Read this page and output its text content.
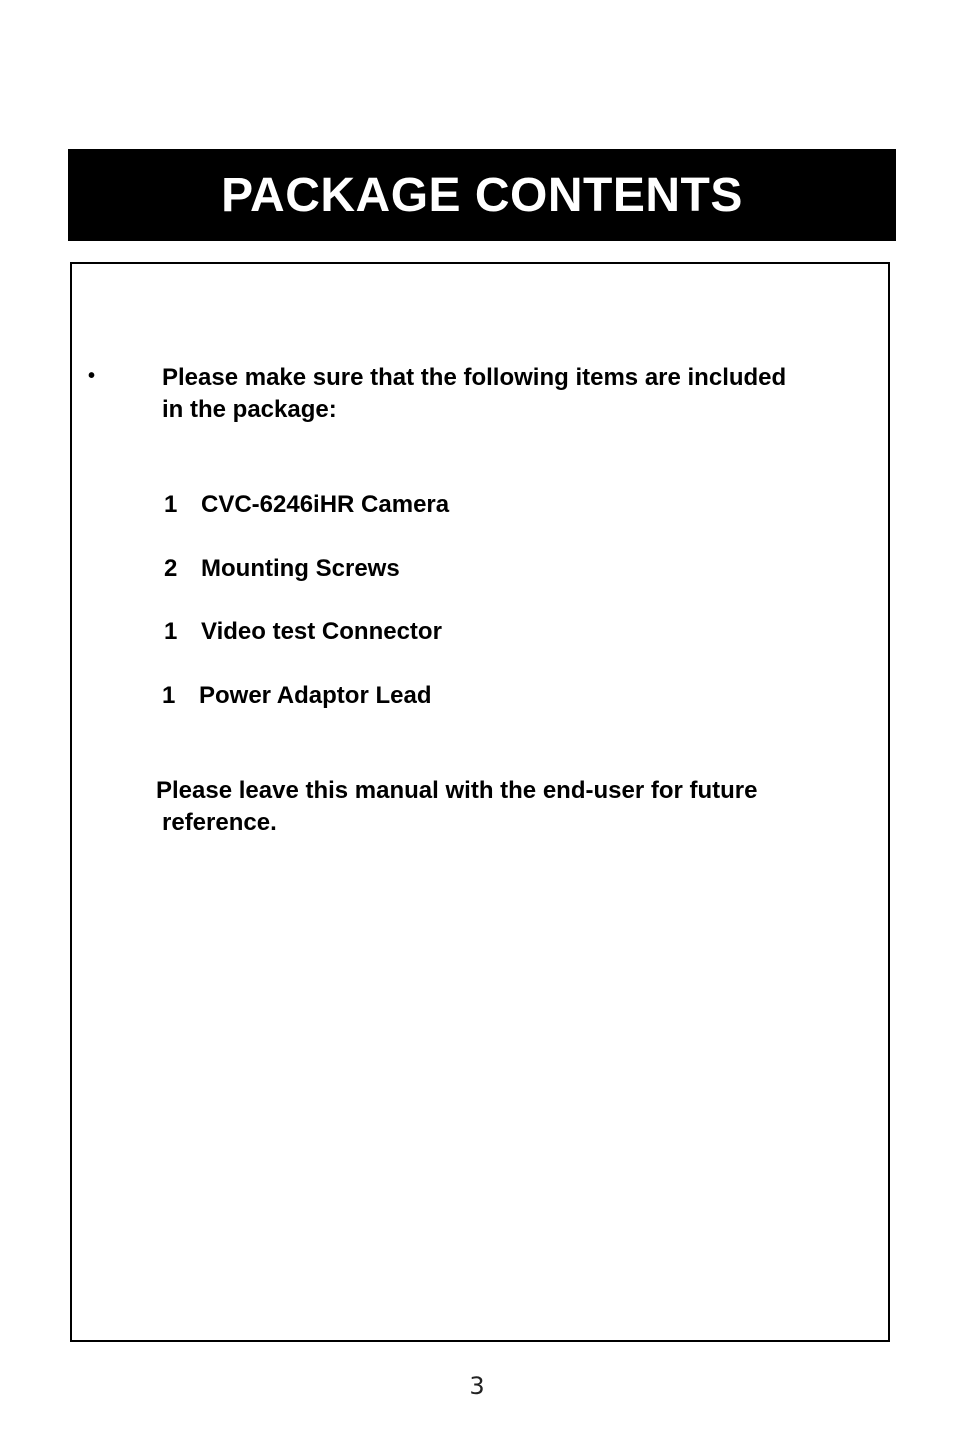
PACKAGE CONTENTS
•	Please make sure that the following items are included
in the package:
1 CVC-6246iHR Camera
2 Mounting Screws
1 Video test Connector
1 Power Adaptor Lead
Please leave this manual with the end-user for future
reference.
3
